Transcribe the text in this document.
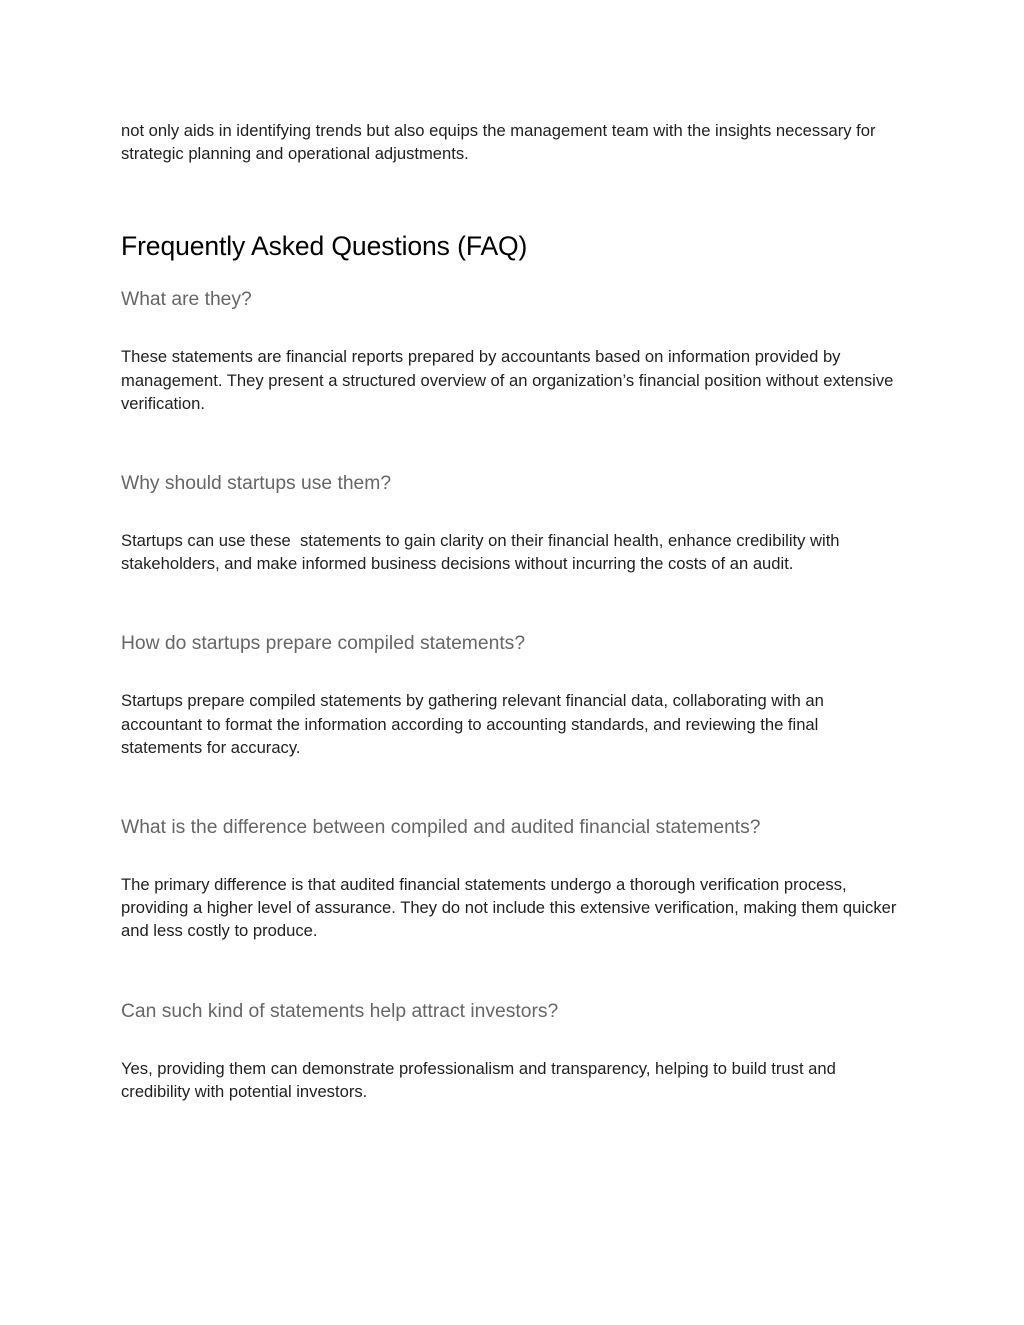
not only aids in identifying trends but also equips the management team with the insights necessary for strategic planning and operational adjustments.

Frequently Asked Questions (FAQ)
What are they?

These statements are financial reports prepared by accountants based on information provided by management. They present a structured overview of an organization’s financial position without extensive verification.

Why should startups use them?

Startups can use these  statements to gain clarity on their financial health, enhance credibility with stakeholders, and make informed business decisions without incurring the costs of an audit.

How do startups prepare compiled statements?

Startups prepare compiled statements by gathering relevant financial data, collaborating with an accountant to format the information according to accounting standards, and reviewing the final statements for accuracy.

What is the difference between compiled and audited financial statements?

The primary difference is that audited financial statements undergo a thorough verification process, providing a higher level of assurance. They do not include this extensive verification, making them quicker and less costly to produce.

Can such kind of statements help attract investors?

Yes, providing them can demonstrate professionalism and transparency, helping to build trust and credibility with potential investors.
